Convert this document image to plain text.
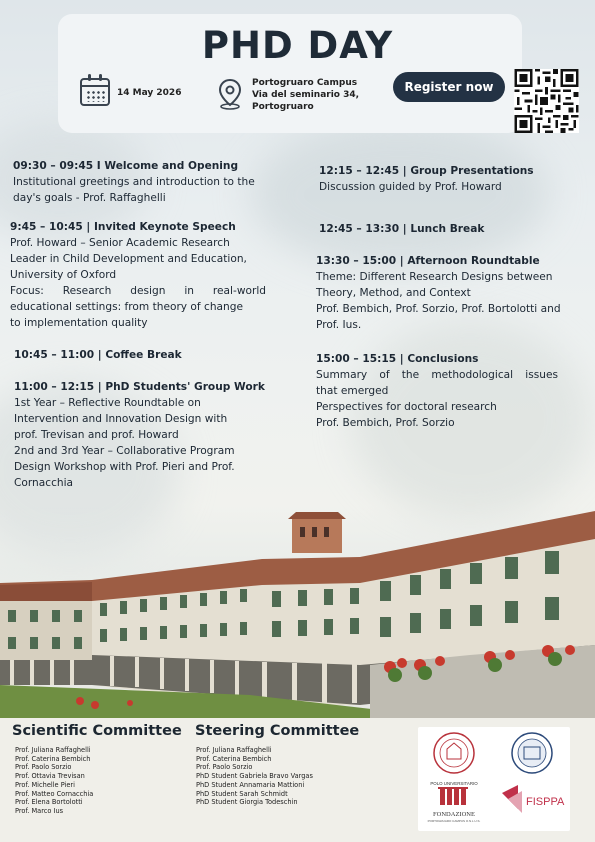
PHD DAY
14 May 2026
Portogruaro Campus
Via del seminario 34,
Portogruaro
Register now

09:30 – 09:45 I Welcome and Opening

Institutional greetings and introduction to the

day's goals - Prof. Raffaghelli

9:45 – 10:45 | Invited Keynote Speech

Prof. Howard – Senior Academic Research

Leader in Child Development and Education,

University of Oxford

Focus: Research design in real-world

educational settings: from theory of change

to implementation quality

10:45 – 11:00 | Coffee Break

11:00 – 12:15 | PhD Students' Group Work

1st Year – Reflective Roundtable on

Intervention and Innovation Design with

prof. Trevisan and prof. Howard

2nd and 3rd Year – Collaborative Program

Design Workshop with Prof. Pieri and Prof.

Cornacchia

12:15 – 12:45 | Group Presentations

Discussion guided by Prof. Howard

12:45 – 13:30 | Lunch Break

13:30 – 15:00 | Afternoon Roundtable

Theme: Different Research Designs between

Theory, Method, and Context

Prof. Bembich, Prof. Sorzio, Prof. Bortolotti and

Prof. Ius.

15:00 – 15:15 | Conclusions

Summary of the methodological issues

that emerged

Perspectives for doctoral research

Prof. Bembich, Prof. Sorzio

Scientific Committee
Prof. Juliana Raffaghelli
Prof. Caterina Bembich
Prof. Paolo Sorzio
Prof. Ottavia Trevisan
Prof. Michelle Pieri
Prof. Matteo Cornacchia
Prof. Elena Bortolotti
Prof. Marco Ius
Steering Committee
Prof. Juliana Raffaghelli
Prof. Caterina Bembich
Prof. Paolo Sorzio
PhD Student Gabriela Bravo Vargas
PhD Student Annamaria Mattioni
PhD Student Sarah Schmidt
PhD Student Giorgia Todeschin
POLO UNIVERSITARIO
FONDAZIONE
PORTOGRUARO CAMPUS O.N.L.U.S.
FISPPA
